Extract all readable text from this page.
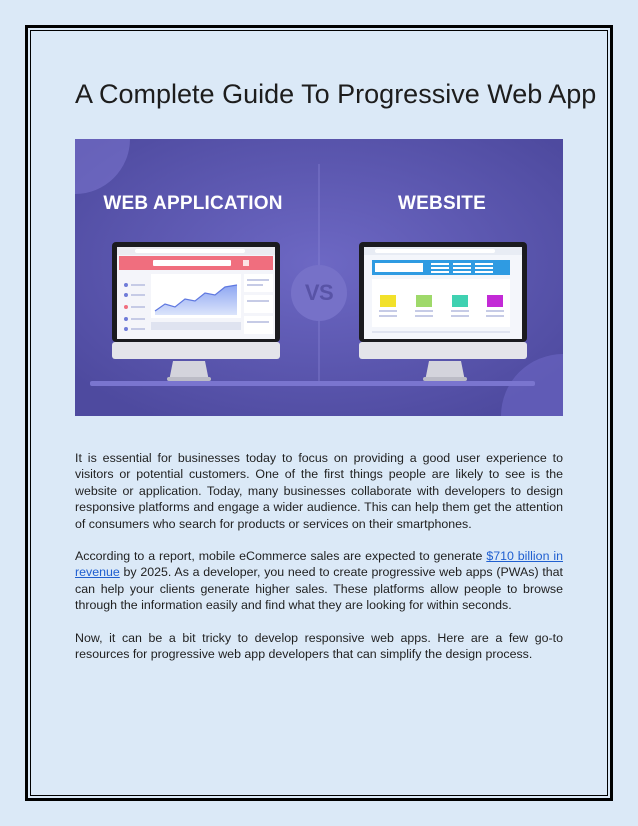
A Complete Guide To Progressive Web App
WEB APPLICATION	WEBSITE
VS

It is essential for businesses today to focus on providing a good user experience to visitors or potential customers. One of the first things people are likely to see is the website or application. Today, many businesses collaborate with developers to design responsive platforms and engage a wider audience. This can help them get the attention of consumers who search for products or services on their smartphones.

According to a report, mobile eCommerce sales are expected to generate $710 billion in revenue by 2025. As a developer, you need to create progressive web apps (PWAs) that can help your clients generate higher sales. These platforms allow people to browse through the information easily and find what they are looking for within seconds.

Now, it can be a bit tricky to develop responsive web apps. Here are a few go-to resources for progressive web app developers that can simplify the design process.
